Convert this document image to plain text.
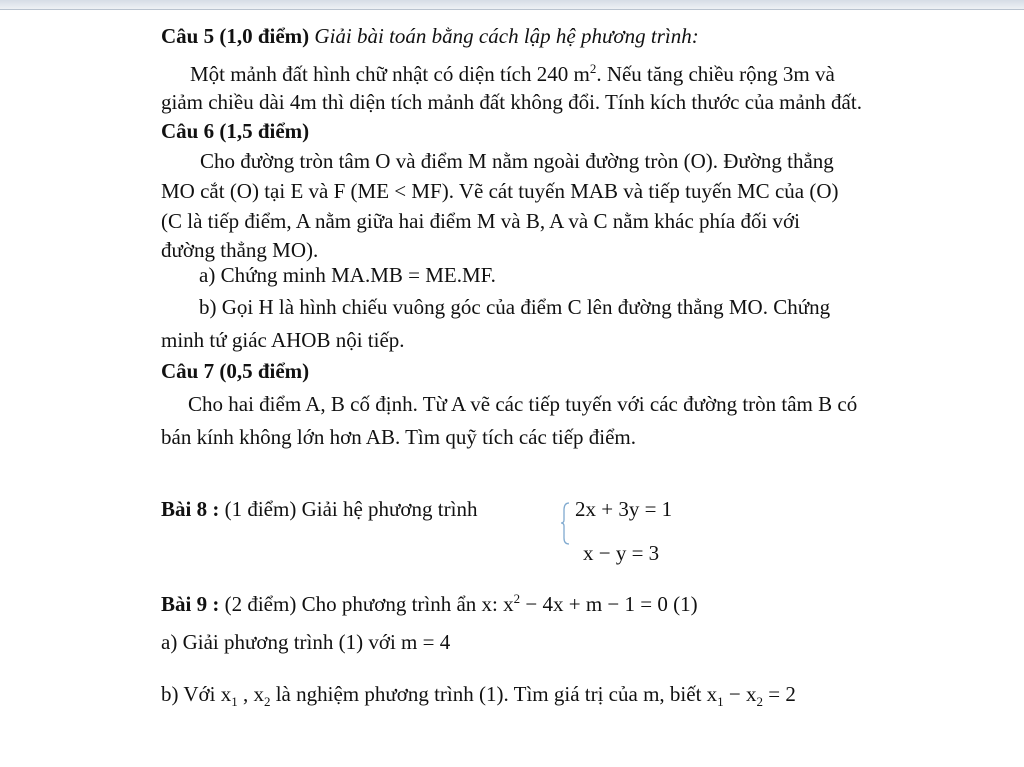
Câu 5 (1,0 điểm) Giải bài toán bằng cách lập hệ phương trình:
Một mảnh đất hình chữ nhật có diện tích 240 $m^2$. Nếu tăng chiều rộng 3m và
giảm chiều dài 4m thì diện tích mảnh đất không đổi. Tính kích thước của mảnh đất.
Câu 6 (1,5 điểm)
Cho đường tròn tâm O và điểm M nằm ngoài đường tròn (O). Đường thẳng
MO cắt (O) tại E và F (ME < MF). Vẽ cát tuyến MAB và tiếp tuyến MC của (O)
(C là tiếp điểm, A nằm giữa hai điểm M và B, A và C nằm khác phía đối với
đường thẳng MO).
a) Chứng minh MA.MB = ME.MF.
b) Gọi H là hình chiếu vuông góc của điểm C lên đường thẳng MO. Chứng
minh tứ giác AHOB nội tiếp.
Câu 7 (0,5 điểm)
Cho hai điểm A, B cố định. Từ A vẽ các tiếp tuyến với các đường tròn tâm B có
bán kính không lớn hơn AB. Tìm quỹ tích các tiếp điểm.
Bài 8 : (1 điểm) Giải hệ phương trình	2x + 3y = 1
x − y = 3
Bài 9 : (2 điểm) Cho phương trình ẩn x: $x^2 - 4x + m - 1 = 0$ (1)
a) Giải phương trình (1) với m = 4
b) Với $x_1$ , $x_2$ là nghiệm phương trình (1). Tìm giá trị của m, biết $x_1 - x_2 = 2$
